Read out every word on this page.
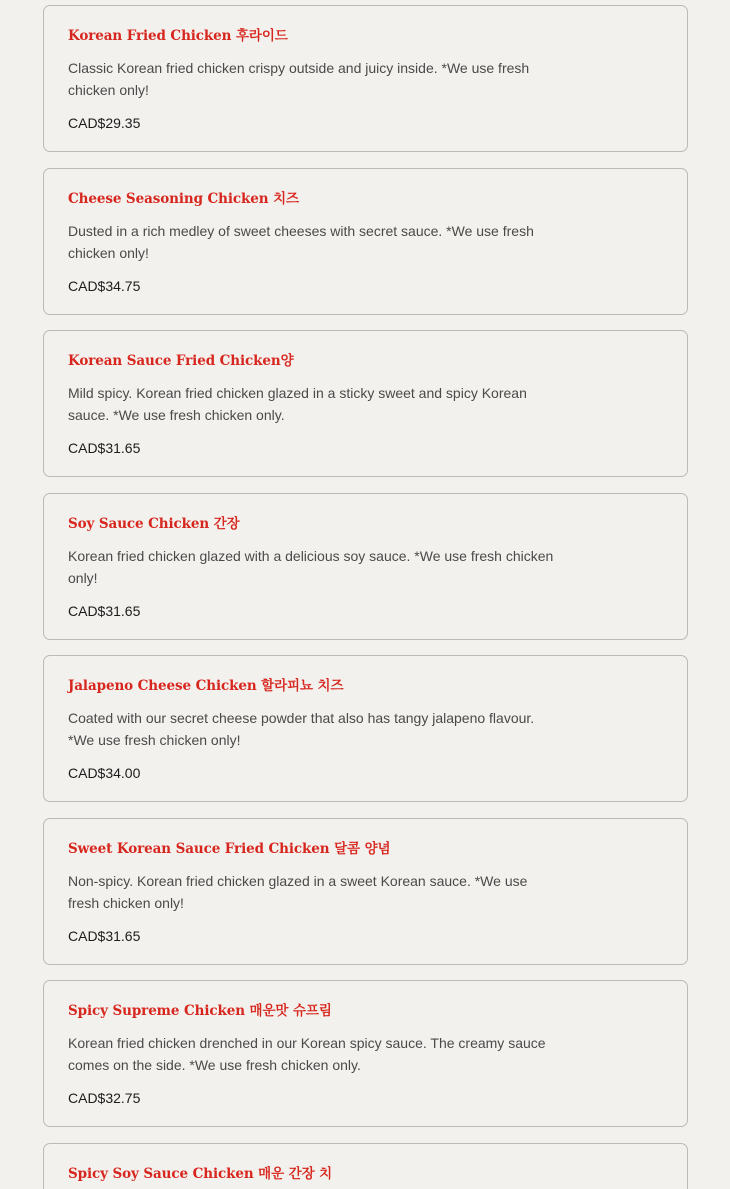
Korean Fried Chicken 후라이드
Classic Korean fried chicken crispy outside and juicy inside. *We use fresh chicken only!
CAD$29.35
Cheese Seasoning Chicken 치즈
Dusted in a rich medley of sweet cheeses with secret sauce. *We use fresh chicken only!
CAD$34.75
Korean Sauce Fried Chicken양
Mild spicy. Korean fried chicken glazed in a sticky sweet and spicy Korean sauce. *We use fresh chicken only.
CAD$31.65
Soy Sauce Chicken 간장
Korean fried chicken glazed with a delicious soy sauce. *We use fresh chicken only!
CAD$31.65
Jalapeno Cheese Chicken 할라피뇨 치즈
Coated with our secret cheese powder that also has tangy jalapeno flavour. *We use fresh chicken only!
CAD$34.00
Sweet Korean Sauce Fried Chicken 달콤 양념
Non-spicy. Korean fried chicken glazed in a sweet Korean sauce. *We use fresh chicken only!
CAD$31.65
Spicy Supreme Chicken 매운맛 슈프림
Korean fried chicken drenched in our Korean spicy sauce. The creamy sauce comes on the side. *We use fresh chicken only.
CAD$32.75
Spicy Soy Sauce Chicken 매운 간장 치
